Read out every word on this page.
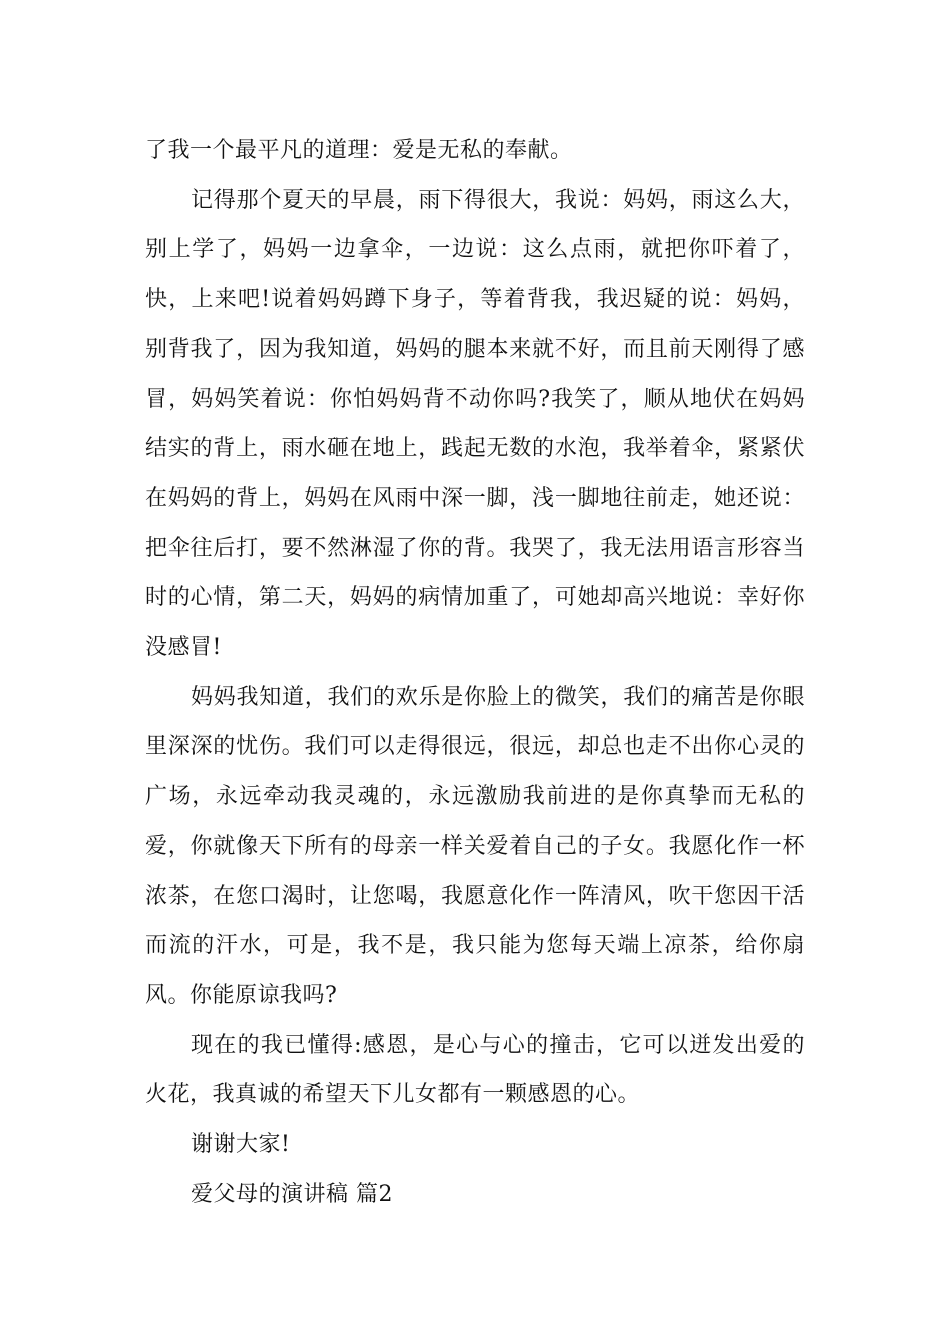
了我一个最平凡的道理：爱是无私的奉献。

记得那个夏天的早晨，雨下得很大，我说：妈妈，雨这么大，别上学了，妈妈一边拿伞，一边说：这么点雨，就把你吓着了，快，上来吧!说着妈妈蹲下身子，等着背我，我迟疑的说：妈妈，别背我了，因为我知道，妈妈的腿本来就不好，而且前天刚得了感冒，妈妈笑着说：你怕妈妈背不动你吗?我笑了，顺从地伏在妈妈结实的背上，雨水砸在地上，践起无数的水泡，我举着伞，紧紧伏在妈妈的背上，妈妈在风雨中深一脚，浅一脚地往前走，她还说：把伞往后打，要不然淋湿了你的背。我哭了，我无法用语言形容当时的心情，第二天，妈妈的病情加重了，可她却高兴地说：幸好你没感冒!

妈妈我知道，我们的欢乐是你脸上的微笑，我们的痛苦是你眼里深深的忧伤。我们可以走得很远，很远，却总也走不出你心灵的广场，永远牵动我灵魂的，永远激励我前进的是你真挚而无私的爱，你就像天下所有的母亲一样关爱着自己的子女。我愿化作一杯浓茶，在您口渴时，让您喝，我愿意化作一阵清风，吹干您因干活而流的汗水，可是，我不是，我只能为您每天端上凉茶，给你扇风。你能原谅我吗?

现在的我已懂得:感恩，是心与心的撞击，它可以迸发出爱的火花，我真诚的希望天下儿女都有一颗感恩的心。

谢谢大家!

爱父母的演讲稿 篇2
